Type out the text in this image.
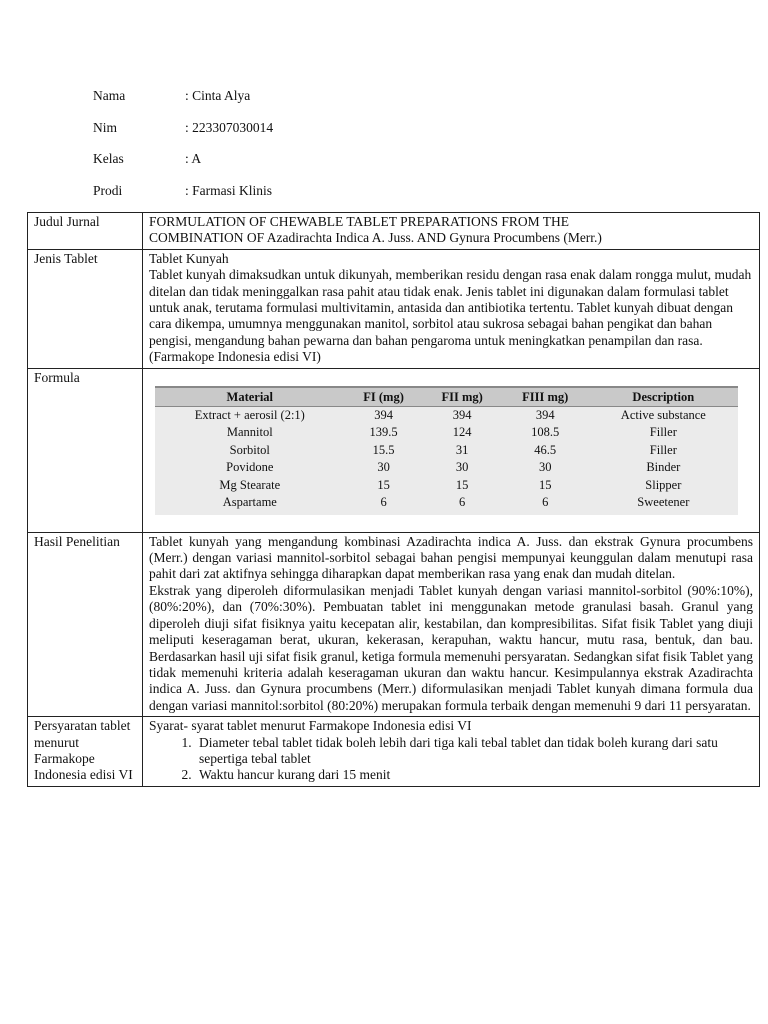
Nama	: Cinta Alya
Nim	: 223307030014
Kelas	: A
Prodi	: Farmasi Klinis
Judul Jurnal	FORMULATION OF CHEWABLE TABLET PREPARATIONS FROM THE
COMBINATION OF Azadirachta Indica A. Juss. AND Gynura Procumbens (Merr.)

Jenis Tablet	Tablet Kunyah
Tablet kunyah dimaksudkan untuk dikunyah, memberikan residu dengan rasa enak dalam rongga mulut, mudah ditelan dan tidak meninggalkan rasa pahit atau tidak enak. Jenis tablet ini digunakan dalam formulasi tablet untuk anak, terutama formulasi multivitamin, antasida dan antibiotika tertentu. Tablet kunyah dibuat dengan cara dikempa, umumnya menggunakan manitol, sorbitol atau sukrosa sebagai bahan pengikat dan bahan pengisi, mengandung bahan pewarna dan bahan pengaroma untuk meningkatkan penampilan dan rasa.
(Farmakope Indonesia edisi VI)

Formula	
Material	FI (mg)	FII mg)	FIII mg)	Description
Extract + aerosil (2:1)	394	394	394	Active substance
Mannitol	139.5	124	108.5	Filler
Sorbitol	15.5	31	46.5	Filler
Povidone	30	30	30	Binder
Mg Stearate	15	15	15	Slipper
Aspartame	6	6	6	Sweetener

Hasil Penelitian	Tablet kunyah yang mengandung kombinasi Azadirachta indica A. Juss. dan ekstrak Gynura procumbens (Merr.) dengan variasi mannitol-sorbitol sebagai bahan pengisi mempunyai keunggulan dalam menutupi rasa pahit dari zat aktifnya sehingga diharapkan dapat memberikan rasa yang enak dan mudah ditelan.
Ekstrak yang diperoleh diformulasikan menjadi Tablet kunyah dengan variasi mannitol-sorbitol (90%:10%), (80%:20%), dan (70%:30%). Pembuatan tablet ini menggunakan metode granulasi basah. Granul yang diperoleh diuji sifat fisiknya yaitu kecepatan alir, kestabilan, dan kompresibilitas. Sifat fisik Tablet yang diuji meliputi keseragaman berat, ukuran, kekerasan, kerapuhan, waktu hancur, mutu rasa, bentuk, dan bau. Berdasarkan hasil uji sifat fisik granul, ketiga formula memenuhi persyaratan. Sedangkan sifat fisik Tablet yang tidak memenuhi kriteria adalah keseragaman ukuran dan waktu hancur. Kesimpulannya ekstrak Azadirachta indica A. Juss. dan Gynura procumbens (Merr.) diformulasikan menjadi Tablet kunyah dimana formula dua dengan variasi mannitol:sorbitol (80:20%) merupakan formula terbaik dengan memenuhi 9 dari 11 persyaratan.

Persyaratan tablet menurut Farmakope Indonesia edisi VI	
Syarat- syarat tablet menurut Farmakope Indonesia edisi VI
1. Diameter tebal tablet tidak boleh lebih dari tiga kali tebal tablet dan tidak boleh kurang dari satu sepertiga tebal tablet
2. Waktu hancur kurang dari 15 menit
